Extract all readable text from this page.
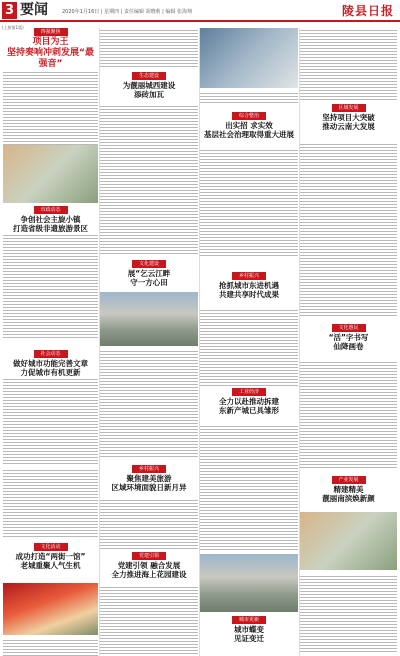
3 要闻	2020年1月16日 | 星期四 | 责任编辑 胡晓莉 | 编辑 张海翔	陵县日报
(上接第1版)
四强聚焦
项目为王
坚持奏响冲刺发展“最强音”
市政动态
争创社会主旋小镇
打造省级非遗旅游景区
社会动态
做好城市功能完善文章
力促城市有机更新
文化活动
成功打造“两街一馆”
老城重聚人气生机
生态建设
为靓丽城西建设
添砖加瓦
文化建设
展“乞云江畔
守一方心田
乡村振兴
聚焦建美旅游
区域环境面貌日新月异
党建引领
党建引领 融合发展
全力推进海上花园建设
综合整治
出实招 求实效
基层社会治理取得重大进展
乡村振兴
抢抓城市东进机遇
共建共享时代成果
工业经济
全力以赴推动拆建
东新产城已具雏形
城市更新
城市蝶变
见证变迁
区域发展
坚持项目大突破
推动云南大发展
文化惠民
“活”字书写
仙降画卷
产业发展
精建精美
靓丽南滨焕新颜
